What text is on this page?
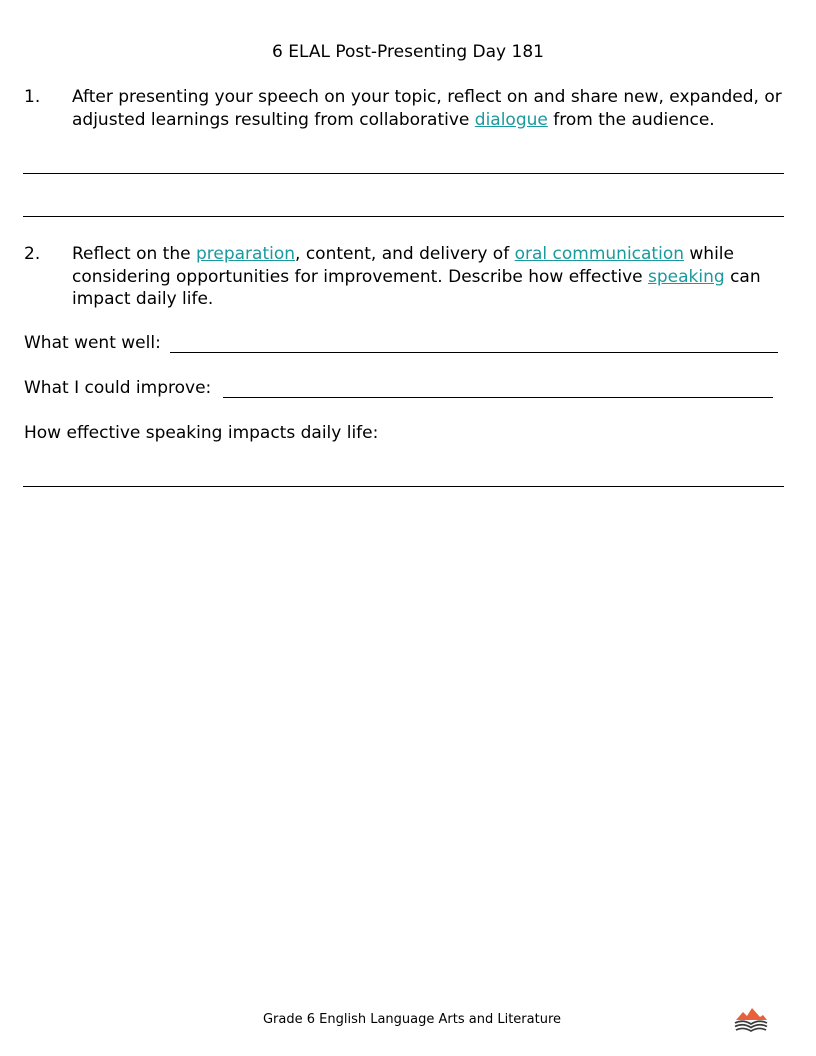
6 ELAL Post-Presenting Day 181
1. After presenting your speech on your topic, reflect on and share new, expanded, or adjusted learnings resulting from collaborative dialogue from the audience.
2. Reflect on the preparation, content, and delivery of oral communication while considering opportunities for improvement. Describe how effective speaking can impact daily life.
What went well:
What I could improve:
How effective speaking impacts daily life:
Grade 6 English Language Arts and Literature
